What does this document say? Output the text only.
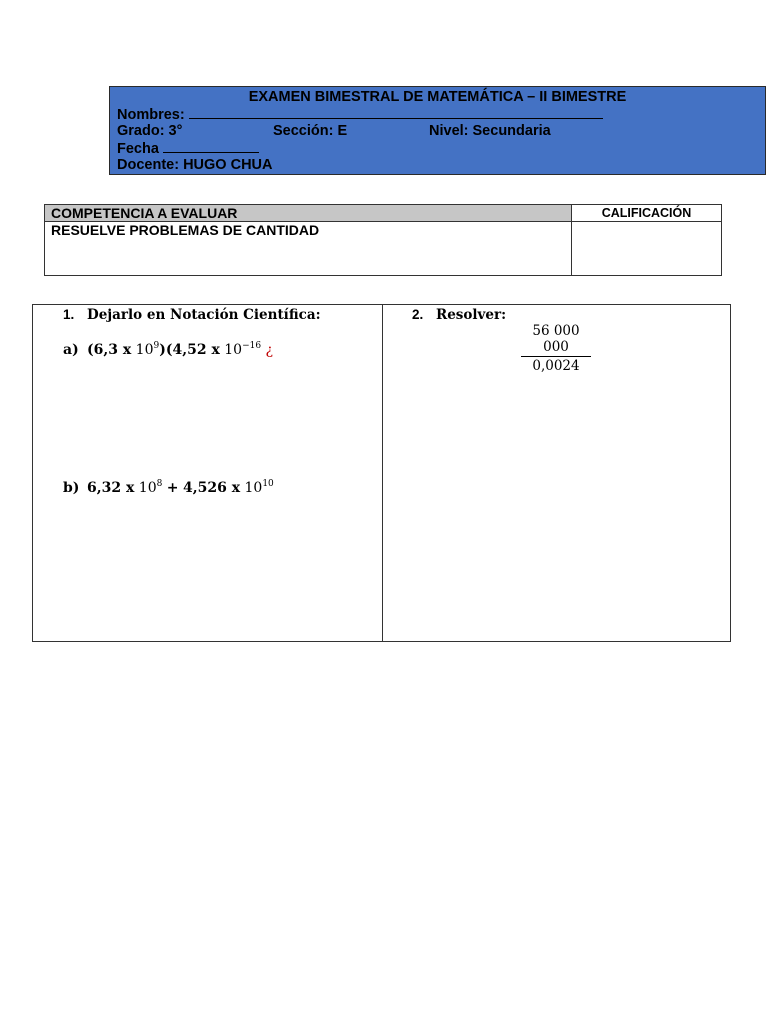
EXAMEN BIMESTRAL DE MATEMÁTICA – II BIMESTRE
Nombres:
Grado: 3°	Sección: E	Nivel: Secundaria
Fecha
Docente: HUGO CHUA
COMPETENCIA A EVALUAR	CALIFICACIÓN
RESUELVE PROBLEMAS DE CANTIDAD
1. Dejarlo en Notación Científica:
a) (6,3 x $10^9)(4,52$ x $10^{-16}$ ¿
b) 6,32 x $10^8 + 4,526$ x $10^{10}$
2. Resolver:
56 000 000
0,0024
